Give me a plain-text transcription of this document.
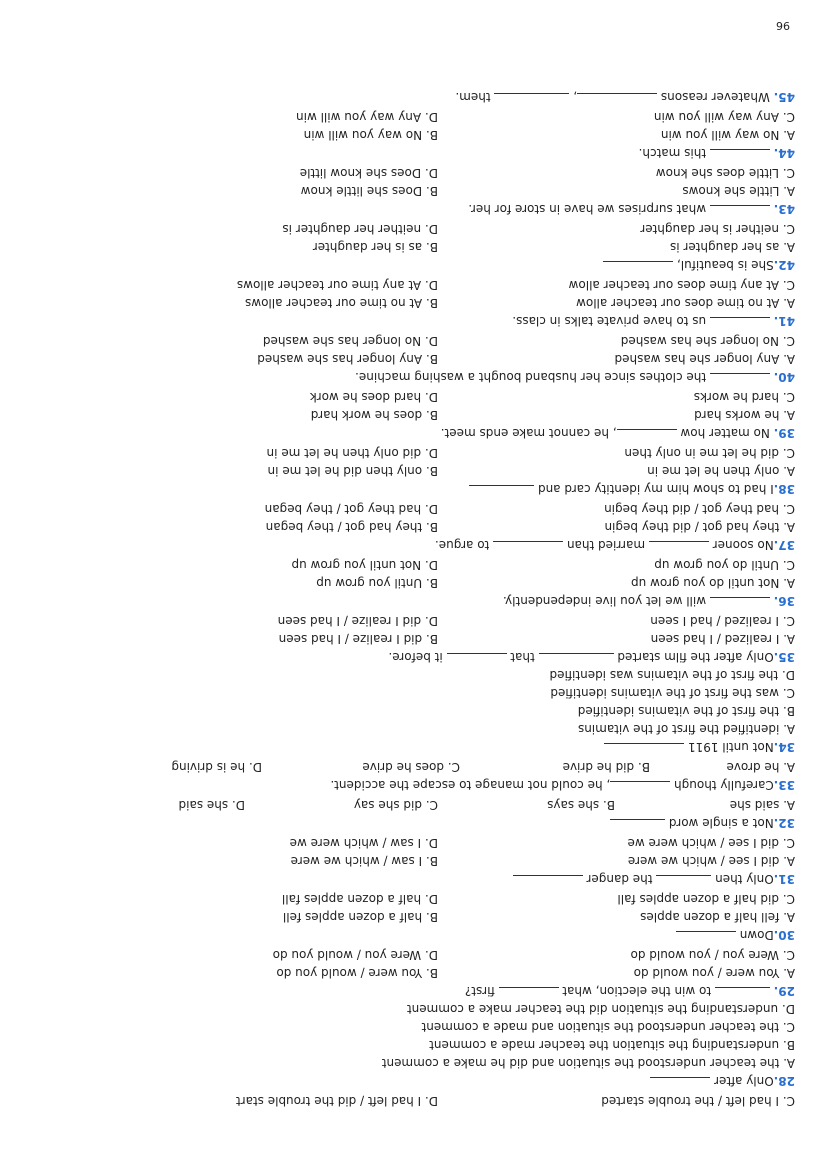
C. I had left / the trouble started
D. I had left / did the trouble start
28.Only after
A. the teacher understood the situation and did he make a comment
B. understanding the situation the teacher made a comment
C. the teacher understood the situation and made a comment
D. understanding the situation did the teacher make a comment
29.  to win the election, what  first?
A. You were / you would do
B. You were / would you do
C. Were you / you would do
D. Were you / would you do
30.Down
A. fell half a dozen apples
B. half a dozen apples fell
C. did half a dozen apples fall
D. half a dozen apples fall
31.Only then  the danger
A. did I see / which we were
B. I saw / which we were
C. did I see / which were we
D. I saw / which were we
32.Not a single word
A. said she
B. she says
C. did she say
D. she said
33.Carefully though , he could not manage to escape the accident.
A. he drove
B. did he drive
C. does he drive
D. he is driving
34.Not until 1911
A. identified the first of the vitamins
B. the first of the vitamins identified
C. was the first of the vitamins identified
D. the first of the vitamins was identified
35.Only after the film started  that  it before.
A. I realized / I had seen
B. did I realize / I had seen
C. I realized / had I seen
D. did I realize / I had seen
36.  will we let you live independently.
A. Not until do you grow up
B. Until you grow up
C. Until do you grow up
D. Not until you grow up
37.No sooner  married than  to argue.
A. they had got / did they begin
B. they had got / they began
C. had they got / did they begin
D. had they got / they began
38.I had to show him my identity card and
A. only then he let me in
B. only then did he let me in
C. did he let me in only then
D. did only then he let me in
39. No matter how , he cannot make ends meet.
A. he works hard
B. does he work hard
C. hard he works
D. hard does he work
40.  the clothes since her husband bought a washing machine.
A. Any longer she has washed
B. Any longer has she washed
C. No longer she has washed
D. No longer has she washed
41.  us to have private talks in class.
A. At no time does our teacher allow
B. At no time our teacher allows
C. At any time does our teacher allow
D. At any time our teacher allows
42.She is beautiful,
A. as her daughter is
B. as is her daughter
C. neither is her daughter
D. neither her daughter is
43.  what surprises we have in store for her.
A. Little she knows
B. Does she little know
C. Little does she know
D. Does she know little
44.  this match.
A. No way will you win
B. No way you will win
C. Any way will you win
D. Any way you will win
45. Whatever reasons ,  them.
96
